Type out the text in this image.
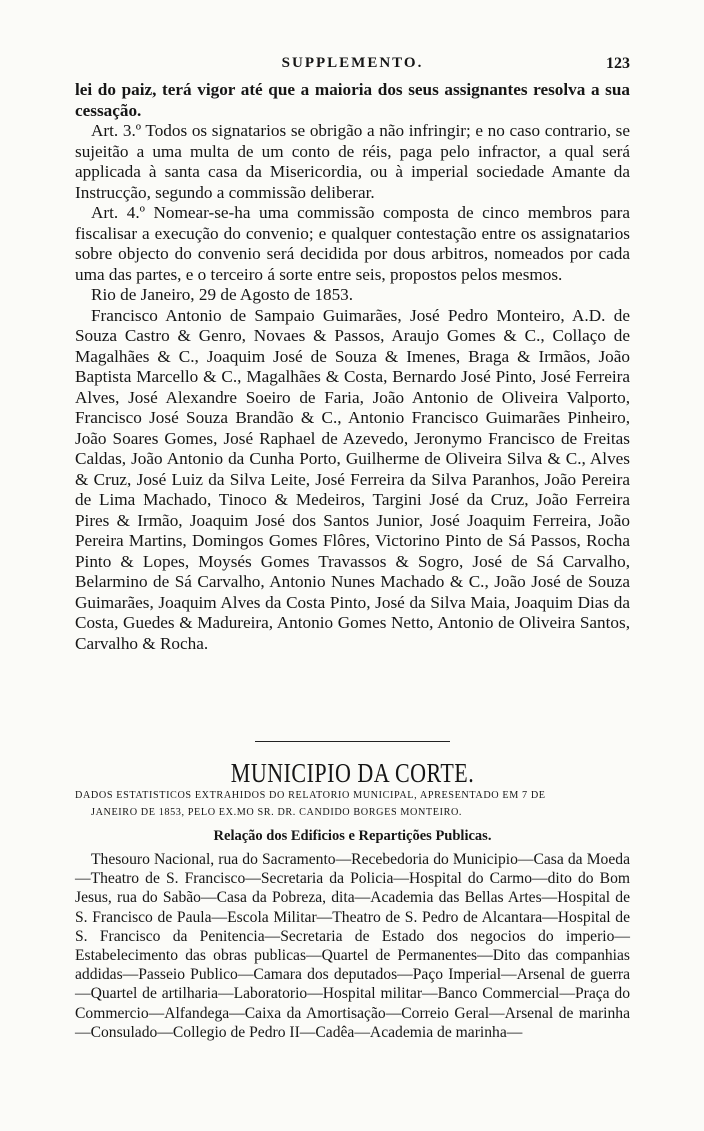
SUPPLEMENTO.	123

lei do paiz, terá vigor até que a maioria dos seus assignantes resolva a sua cessação.

Art. 3.º Todos os signatarios se obrigão a não infringir; e no caso contrario, se sujeitão a uma multa de um conto de réis, paga pelo infractor, a qual será applicada à santa casa da Misericordia, ou à imperial sociedade Amante da Instrucção, segundo a commissão deliberar.

Art. 4.º Nomear-se-ha uma commissão composta de cinco membros para fiscalisar a execução do convenio; e qualquer contestação entre os assignatarios sobre objecto do convenio será decidida por dous arbitros, nomeados por cada uma das partes, e o terceiro á sorte entre seis, propostos pelos mesmos.

Rio de Janeiro, 29 de Agosto de 1853.

Francisco Antonio de Sampaio Guimarães, José Pedro Monteiro, A.D. de Souza Castro & Genro, Novaes & Passos, Araujo Gomes & C., Collaço de Magalhães & C., Joaquim José de Souza & Imenes, Braga & Irmãos, João Baptista Marcello & C., Magalhães & Costa, Bernardo José Pinto, José Ferreira Alves, José Alexandre Soeiro de Faria, João Antonio de Oliveira Valporto, Francisco José Souza Brandão & C., Antonio Francisco Guimarães Pinheiro, João Soares Gomes, José Raphael de Azevedo, Jeronymo Francisco de Freitas Caldas, João Antonio da Cunha Porto, Guilherme de Oliveira Silva & C., Alves & Cruz, José Luiz da Silva Leite, José Ferreira da Silva Paranhos, João Pereira de Lima Machado, Tinoco & Medeiros, Targini José da Cruz, João Ferreira Pires & Irmão, Joaquim José dos Santos Junior, José Joaquim Ferreira, João Pereira Martins, Domingos Gomes Flôres, Victorino Pinto de Sá Passos, Rocha Pinto & Lopes, Moysés Gomes Travassos & Sogro, José de Sá Carvalho, Belarmino de Sá Carvalho, Antonio Nunes Machado & C., João José de Souza Guimarães, Joaquim Alves da Costa Pinto, José da Silva Maia, Joaquim Dias da Costa, Guedes & Madureira, Antonio Gomes Netto, Antonio de Oliveira Santos, Carvalho & Rocha.

MUNICIPIO DA CORTE.
DADOS ESTATISTICOS EXTRAHIDOS DO RELATORIO MUNICIPAL, APRESENTADO EM 7 DE
JANEIRO DE 1853, PELO EX.MO SR. DR. CANDIDO BORGES MONTEIRO.
Relação dos Edificios e Repartições Publicas.
Thesouro Nacional, rua do Sacramento—Recebedoria do Municipio—Casa da Moeda—Theatro de S. Francisco—Secretaria da Policia—Hospital do Carmo—dito do Bom Jesus, rua do Sabão—Casa da Pobreza, dita—Academia das Bellas Artes—Hospital de S. Francisco de Paula—Escola Militar—Theatro de S. Pedro de Alcantara—Hospital de S. Francisco da Penitencia—Secretaria de Estado dos negocios do imperio—Estabelecimento das obras publicas—Quartel de Permanentes—Dito das companhias addidas—Passeio Publico—Camara dos deputados—Paço Imperial—Arsenal de guerra—Quartel de artilharia—Laboratorio—Hospital militar—Banco Commercial—Praça do Commercio—Alfandega—Caixa da Amortisação—Correio Geral—Arsenal de marinha—Consulado—Collegio de Pedro II—Cadêa—Academia de marinha—
